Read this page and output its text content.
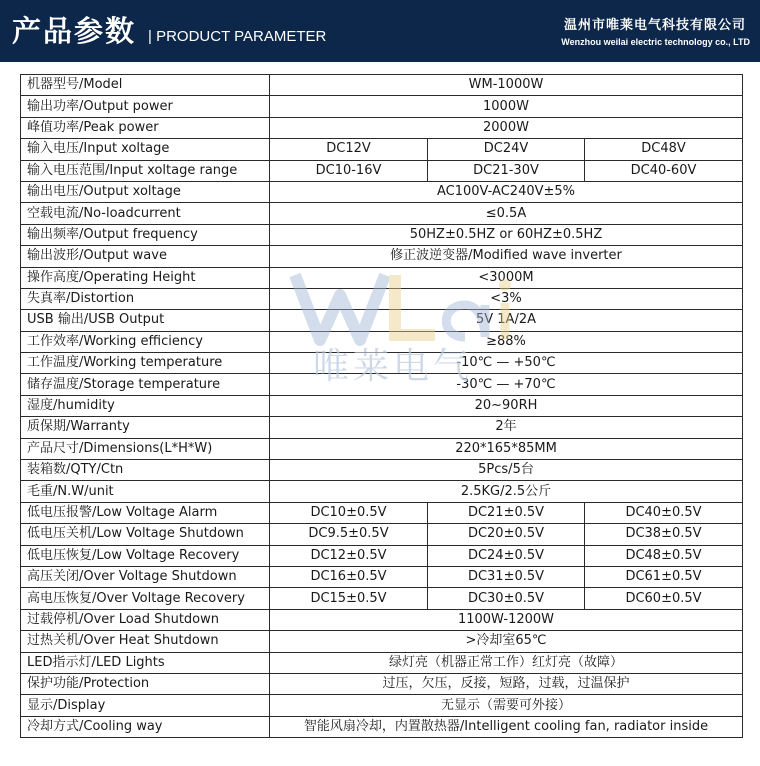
产品参数 | PRODUCT PARAMETER
温州市唯莱电气科技有限公司
Wenzhou weilai electric technology co., LTD
机器型号/Model	WM-1000W		
输出功率/Output power	1000W		
峰值功率/Peak power	2000W		
输入电压/Input xoltage	DC12V	DC24V	DC48V
输入电压范围/Input xoltage range	DC10-16V	DC21-30V	DC40-60V
输出电压/Output xoltage	AC100V-AC240V±5%		
空载电流/No-loadcurrent	≤0.5A		
输出频率/Output frequency	50HZ±0.5HZ or 60HZ±0.5HZ		
输出波形/Output wave	修正波逆变器/Modified wave inverter		
操作高度/Operating Height	<3000M		
失真率/Distortion	<3%		
USB 输出/USB Output	5V 1A/2A		
工作效率/Working efficiency	≥88%		
工作温度/Working temperature	-10℃ — +50℃		
储存温度/Storage temperature	-30℃ — +70℃		
湿度/humidity	20~90RH		
质保期/Warranty	2年		
产品尺寸/Dimensions(L*H*W)	220*165*85MM		
装箱数/QTY/Ctn	5Pcs/5台		
毛重/N.W/unit	2.5KG/2.5公斤		
低电压报警/Low Voltage Alarm	DC10±0.5V	DC21±0.5V	DC40±0.5V
低电压关机/Low Voltage Shutdown	DC9.5±0.5V	DC20±0.5V	DC38±0.5V
低电压恢复/Low Voltage Recovery	DC12±0.5V	DC24±0.5V	DC48±0.5V
高压关闭/Over Voltage Shutdown	DC16±0.5V	DC31±0.5V	DC61±0.5V
高电压恢复/Over Voltage Recovery	DC15±0.5V	DC30±0.5V	DC60±0.5V
过载停机/Over Load Shutdown	1100W-1200W		
过热关机/Over Heat Shutdown	>冷却室65℃		
LED指示灯/LED Lights	绿灯亮（机器正常工作）红灯亮（故障）		
保护功能/Protection	过压，欠压，反接，短路，过载，过温保护		
显示/Display	无显示（需要可外接）		
冷却方式/Cooling way	智能风扇冷却，内置散热器/Intelligent cooling fan, radiator inside		
唯莱电气
